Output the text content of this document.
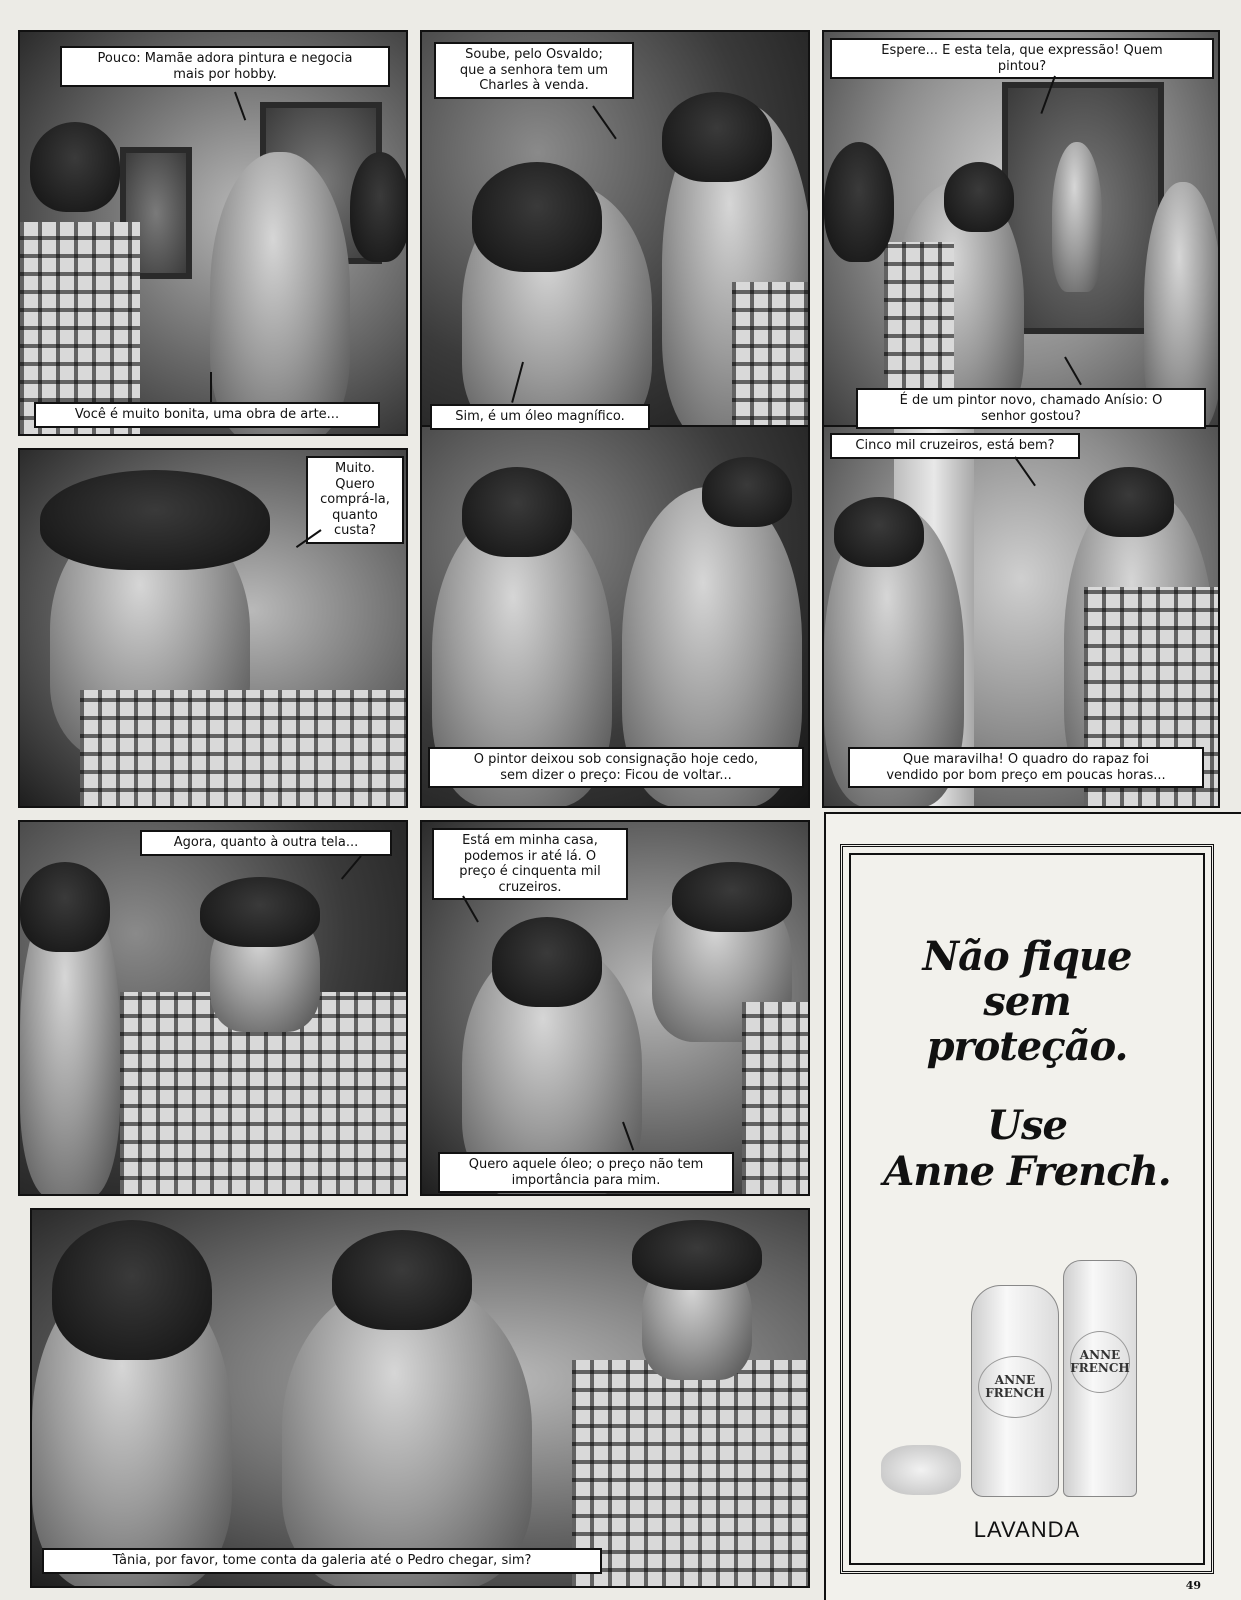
Pouco: Mamãe adora pintura e negocia
mais por hobby.
Você é muito bonita, uma obra de arte...
Soube, pelo Osvaldo;
que a senhora tem um
Charles à venda.
Sim, é um óleo magnífico.
Espere... E esta tela, que expressão! Quem
pintou?
É de um pintor novo, chamado Anísio: O
senhor gostou?
Muito.
Quero
comprá-la,
quanto
custa?
O pintor deixou sob consignação hoje cedo,
sem dizer o preço: Ficou de voltar...
Cinco mil cruzeiros, está bem?
Que maravilha! O quadro do rapaz foi
vendido por bom preço em poucas horas...
Agora, quanto à outra tela...	Está em minha casa,
podemos ir até lá. O
preço é cinquenta mil
cruzeiros.
Quero aquele óleo; o preço não tem
importância para mim.
Tânia, por favor, tome conta da galeria até o Pedro chegar, sim?
Não fique
sem
proteção.
Use
Anne French.
ANNE
FRENCH
ANNE
FRENCH
LAVANDA
49
